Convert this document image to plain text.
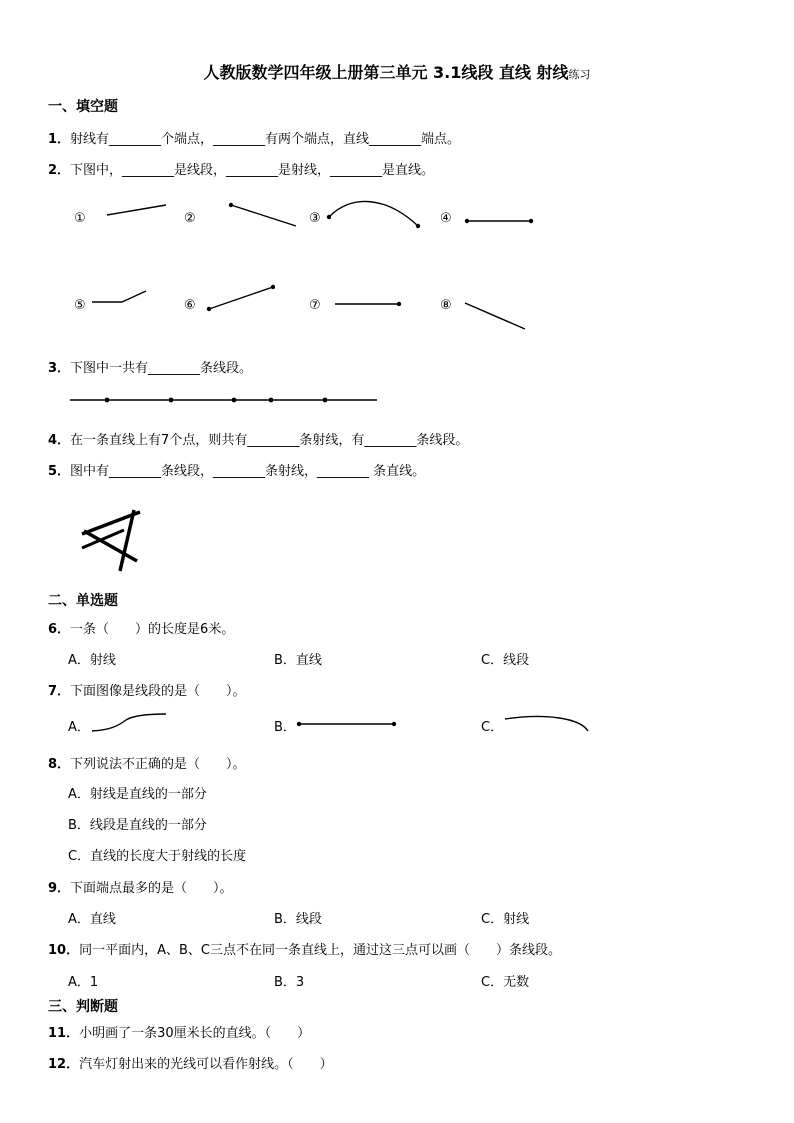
人教版数学四年级上册第三单元 3.1线段 直线 射线练习
一、填空题
1．射线有________个端点，________有两个端点，直线________端点。
2．下图中，________是线段，________是射线，________是直线。
①	②	③	④
⑤	⑥	⑦	⑧
3．下图中一共有________条线段。
4．在一条直线上有7个点，则共有________条射线，有________条线段。
5．图中有________条线段，________条射线，________ 条直线。
二、单选题
6．一条（　　）的长度是6米。
A．射线	B．直线	C．线段
7．下面图像是线段的是（　　）。
A．	B．	C．
8．下列说法不正确的是（　　）。
A．射线是直线的一部分
B．线段是直线的一部分
C．直线的长度大于射线的长度
9．下面端点最多的是（　　）。
A．直线	B．线段	C．射线
10．同一平面内，A、B、C三点不在同一条直线上，通过这三点可以画（　　）条线段。
A．1	B．3	C．无数
三、判断题
11．小明画了一条30厘米长的直线。（　　）
12．汽车灯射出来的光线可以看作射线。（　　）
